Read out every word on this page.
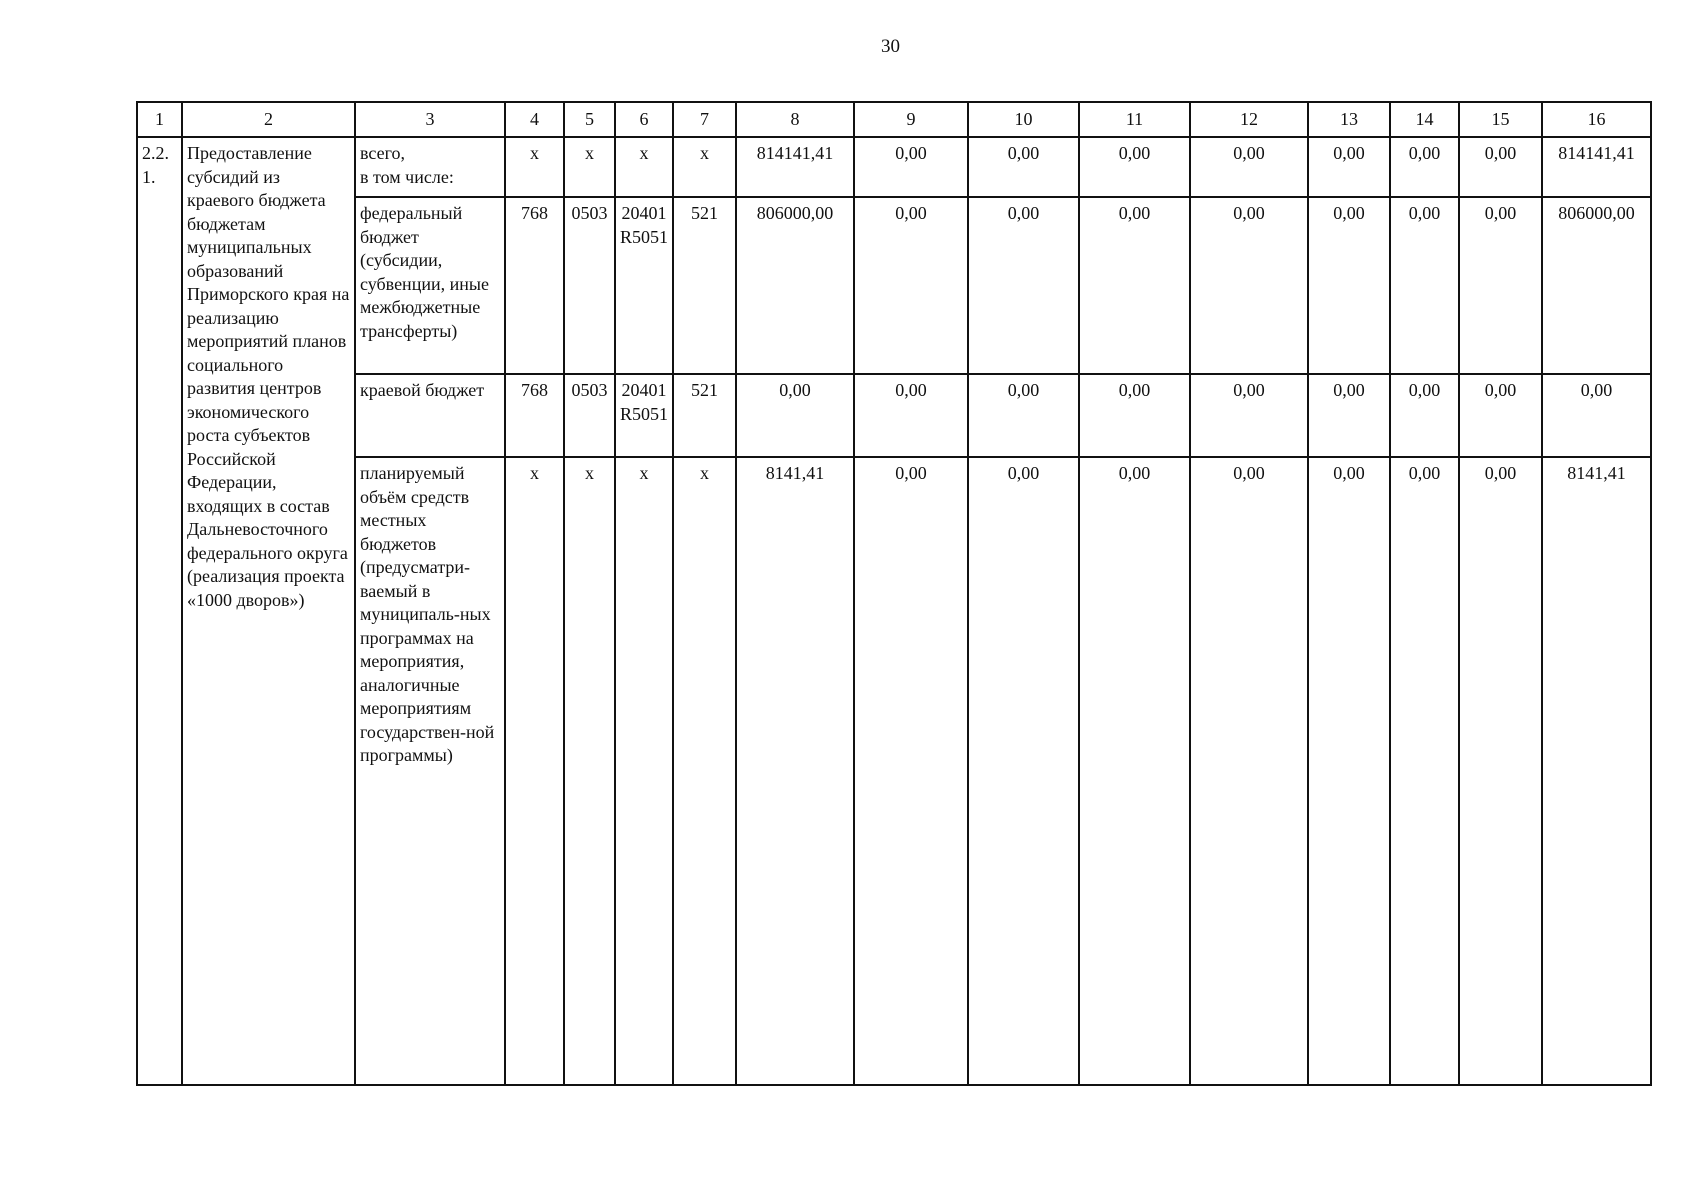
30
1	2	3	4	5	6	7	8	9	10	11	12	13	14	15	16
2.2.1.	Предоставление субсидий из краевого бюджета бюджетам муниципальных образований Приморского края на реализацию мероприятий планов социального развития центров экономического роста субъектов Российской Федерации, входящих в состав Дальневосточного федерального округа (реализация проекта «1000 дворов»)	всего,
в том числе:	x	x	x	x	814141,41	0,00	0,00	0,00	0,00	0,00	0,00	0,00	814141,41
		федеральный бюджет (субсидии, субвенции, иные межбюджетные трансферты)	768	0503	20401R5051	521	806000,00	0,00	0,00	0,00	0,00	0,00	0,00	0,00	806000,00
		краевой бюджет	768	0503	20401R5051	521	0,00	0,00	0,00	0,00	0,00	0,00	0,00	0,00	0,00
		планируемый объём средств местных бюджетов (предусматри-ваемый в муниципаль-ных программах на мероприятия, аналогичные мероприятиям государствен-ной программы)	x	x	x	x	8141,41	0,00	0,00	0,00	0,00	0,00	0,00	0,00	8141,41
